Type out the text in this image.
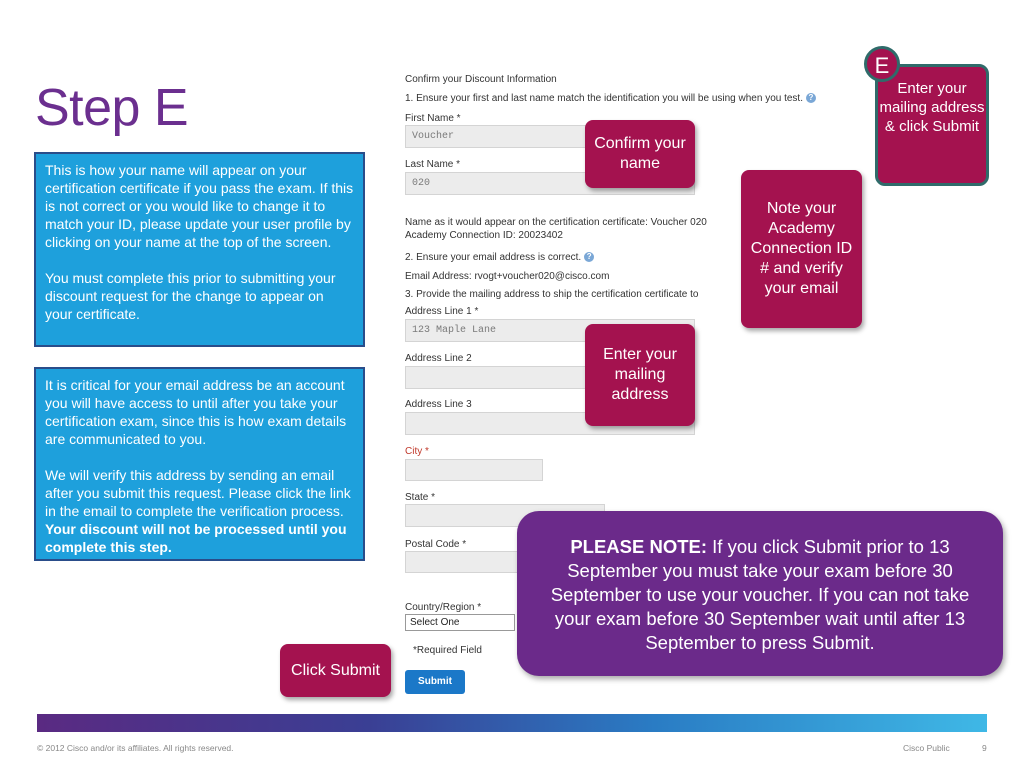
Step E

This is how your name will appear on your certification certificate if you pass the exam. If this is not correct or you would like to change it to match your ID, please update your user profile by clicking on your name at the top of the screen.

You must complete this prior to submitting your discount request for the change to appear on your certificate.

It is critical for your email address be an account you will have access to until after you take your certification exam, since this is how exam details are communicated to you.

We will verify this address by sending an email after you submit this request. Please click the link in the email to complete the verification process. Your discount will not be processed until you complete this step.

Confirm your Discount Information
1. Ensure your first and last name match the identification you will be using when you test. ?
First Name *
Voucher
Last Name *
020
Name as it would appear on the certification certificate: Voucher 020
Academy Connection ID: 20023402
2. Ensure your email address is correct. ?
Email Address: rvogt+voucher020@cisco.com
3. Provide the mailing address to ship the certification certificate to
Address Line 1 *
123 Maple Lane
Address Line 2
Address Line 3
City *
State *
Postal Code *
Country/Region *
Select One
*Required Field
Submit
Confirm your name
Note your Academy Connection ID # and verify your email
Enter your mailing address
Click Submit
Enter your mailing address & click Submit
E
PLEASE NOTE: If you click Submit prior to 13 September you must take your exam before 30 September to use your voucher. If you can not take your exam before 30 September wait until after 13 September to press Submit.
© 2012 Cisco and/or its affiliates. All rights reserved.	Cisco Public	9
